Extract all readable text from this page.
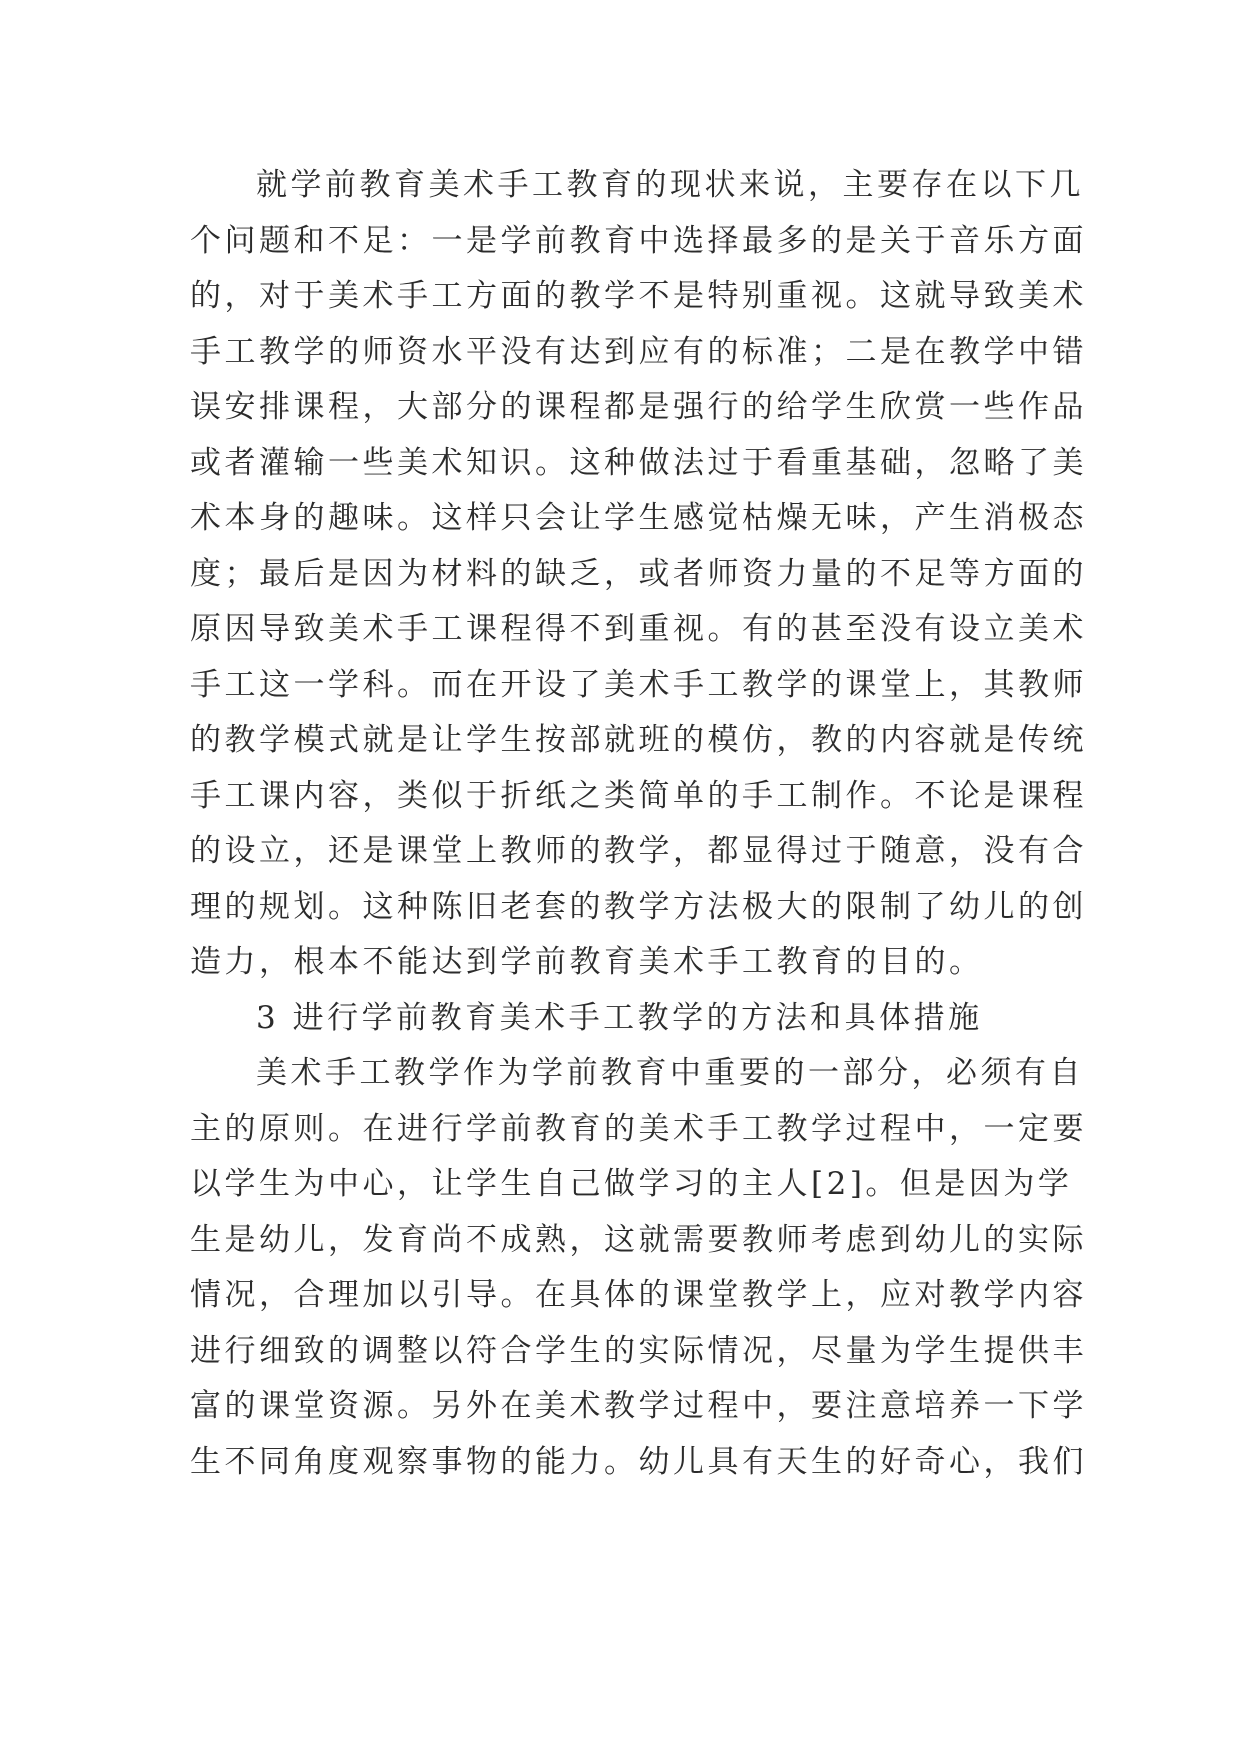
就学前教育美术手工教育的现状来说，主要存在以下几
个问题和不足：一是学前教育中选择最多的是关于音乐方面
的，对于美术手工方面的教学不是特别重视。这就导致美术
手工教学的师资水平没有达到应有的标准；二是在教学中错
误安排课程，大部分的课程都是强行的给学生欣赏一些作品
或者灌输一些美术知识。这种做法过于看重基础，忽略了美
术本身的趣味。这样只会让学生感觉枯燥无味，产生消极态
度；最后是因为材料的缺乏，或者师资力量的不足等方面的
原因导致美术手工课程得不到重视。有的甚至没有设立美术
手工这一学科。而在开设了美术手工教学的课堂上，其教师
的教学模式就是让学生按部就班的模仿，教的内容就是传统
手工课内容，类似于折纸之类简单的手工制作。不论是课程
的设立，还是课堂上教师的教学，都显得过于随意，没有合
理的规划。这种陈旧老套的教学方法极大的限制了幼儿的创
造力，根本不能达到学前教育美术手工教育的目的。
3 进行学前教育美术手工教学的方法和具体措施
美术手工教学作为学前教育中重要的一部分，必须有自
主的原则。在进行学前教育的美术手工教学过程中，一定要
以学生为中心，让学生自己做学习的主人[2]。但是因为学
生是幼儿，发育尚不成熟，这就需要教师考虑到幼儿的实际
情况，合理加以引导。在具体的课堂教学上，应对教学内容
进行细致的调整以符合学生的实际情况，尽量为学生提供丰
富的课堂资源。另外在美术教学过程中，要注意培养一下学
生不同角度观察事物的能力。幼儿具有天生的好奇心，我们
